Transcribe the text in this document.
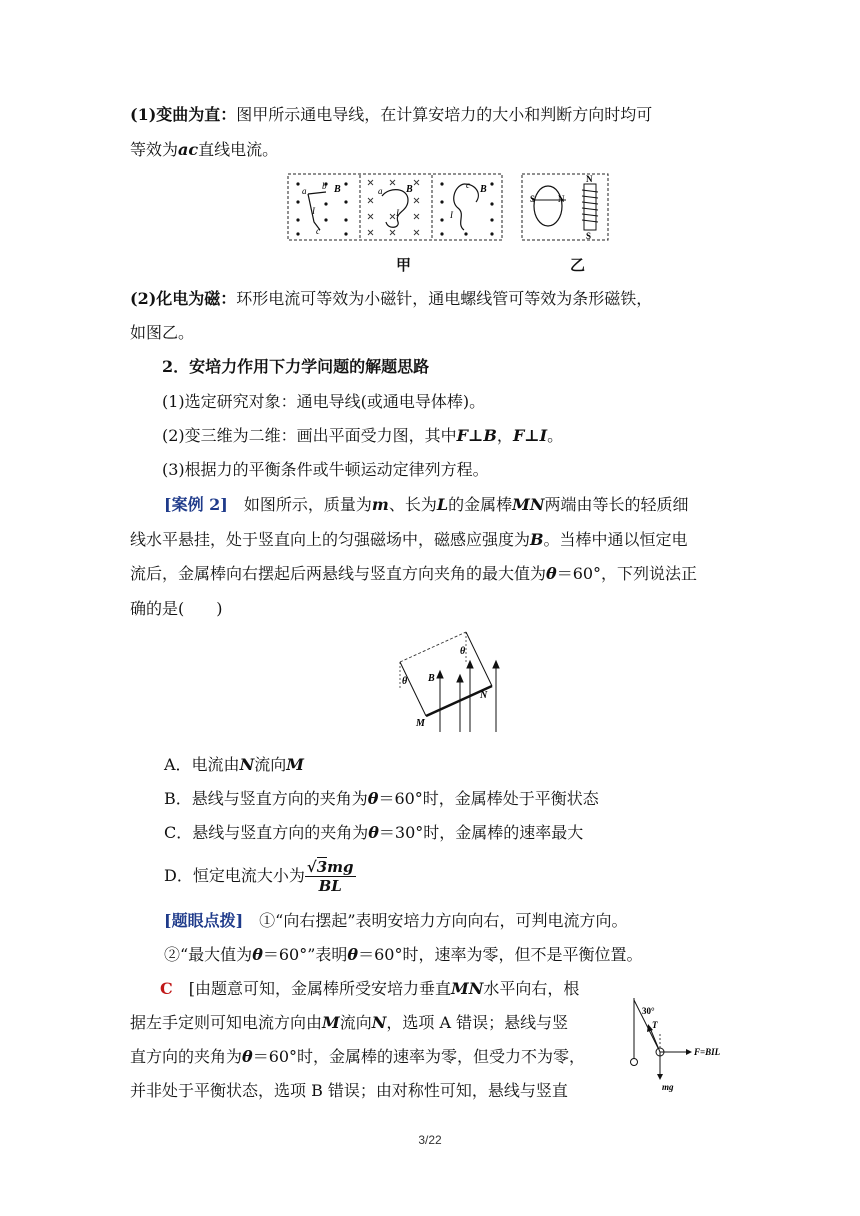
(1)变曲为直：图甲所示通电导线，在计算安培力的大小和判断方向时均可
等效为ac直线电流。
a b
c
I
B	a B
I
c B
I
S	N
N
S
甲	乙
(2)化电为磁：环形电流可等效为小磁针，通电螺线管可等效为条形磁铁，
如图乙。
2．安培力作用下力学问题的解题思路
(1)选定研究对象：通电导线(或通电导体棒)。
(2)变三维为二维：画出平面受力图，其中F⊥B，F⊥I。
(3)根据力的平衡条件或牛顿运动定律列方程。
[案例 2]　 如图所示，质量为m、长为L的金属棒MN两端由等长的轻质细
线水平悬挂，处于竖直向上的匀强磁场中，磁感应强度为B。当棒中通以恒定电
流后，金属棒向右摆起后两悬线与竖直方向夹角的最大值为θ＝60°，下列说法正
确的是(　　)
θ
θ
B
N
M
A．电流由N流向M
B．悬线与竖直方向的夹角为θ＝60°时，金属棒处于平衡状态
C．悬线与竖直方向的夹角为θ＝30°时，金属棒的速率最大
D．恒定电流大小为 $\frac{√3mg}{BL}$
[题眼点拨]　 ①“向右摆起”表明安培力方向向右，可判电流方向。
②“最大值为θ＝60°”表明θ＝60°时，速率为零，但不是平衡位置。
C　 [由题意可知，金属棒所受安培力垂直MN水平向右，根
据左手定则可知电流方向由M流向N，选项 A 错误；悬线与竖
直方向的夹角为θ＝60°时，金属棒的速率为零，但受力不为零，
并非处于平衡状态，选项 B 错误；由对称性可知，悬线与竖直
30°
T
F=BIL
mg
3/22
